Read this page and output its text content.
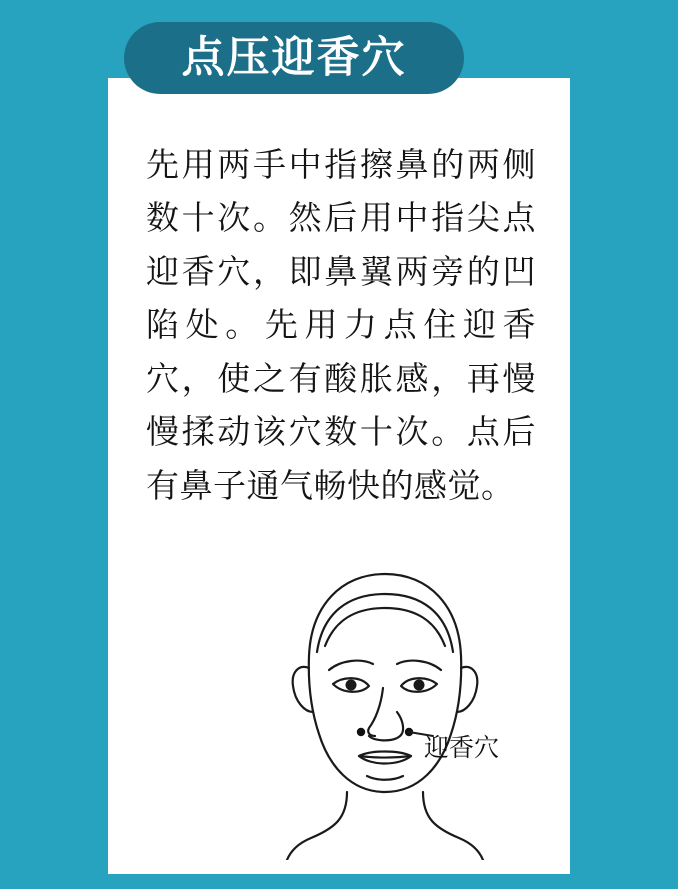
点压迎香穴
先用两手中指擦鼻的两侧数十次。然后用中指尖点迎香穴，即鼻翼两旁的凹陷处。先用力点住迎香穴，使之有酸胀感，再慢慢揉动该穴数十次。点后有鼻子通气畅快的感觉。
迎香穴
